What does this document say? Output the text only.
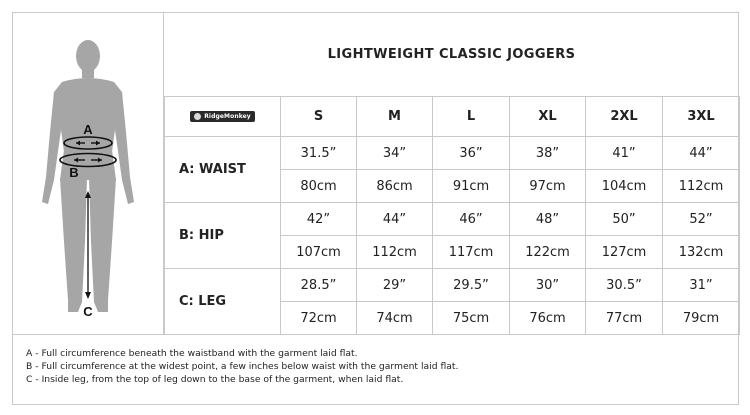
A
B
C
LIGHTWEIGHT CLASSIC JOGGERS
RidgeMonkey	S	M	L	XL	2XL	3XL
A: WAIST	31.5”	34”	36”	38”	41”	44”
	80cm	86cm	91cm	97cm	104cm	112cm
B: HIP	42”	44”	46”	48”	50”	52”
	107cm	112cm	117cm	122cm	127cm	132cm
C: LEG	28.5”	29”	29.5”	30”	30.5”	31”
	72cm	74cm	75cm	76cm	77cm	79cm
A - Full circumference beneath the waistband with the garment laid flat.
B - Full circumference at the widest point, a few inches below waist with the garment laid flat.
C - Inside leg, from the top of leg down to the base of the garment, when laid flat.
